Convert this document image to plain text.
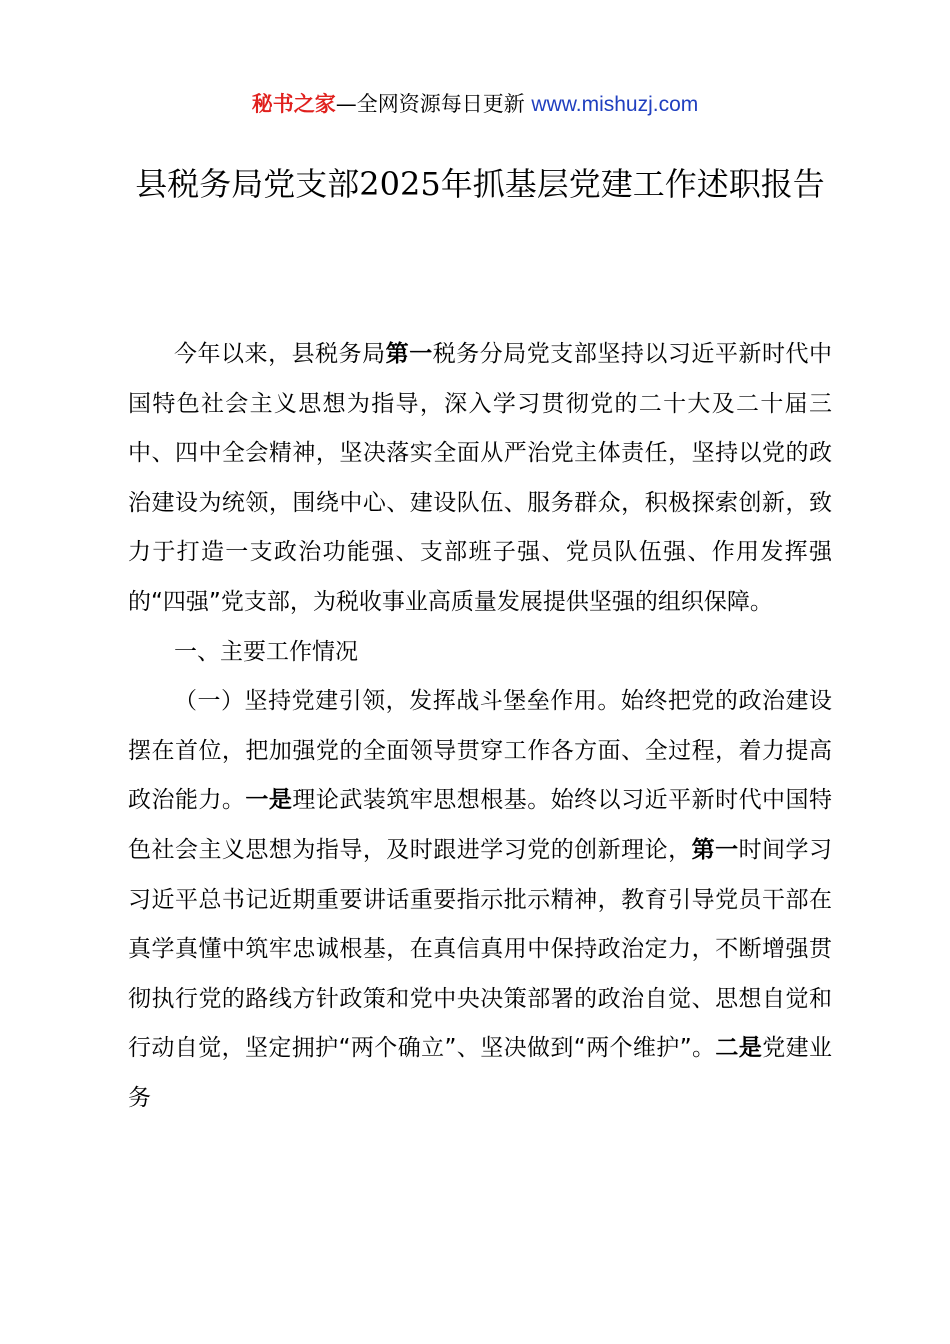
秘书之家—全网资源每日更新 www.mishuzj.com
县税务局党支部2025年抓基层党建工作述职报告

今年以来，县税务局第一税务分局党支部坚持以习近平新时代中国特色社会主义思想为指导，深入学习贯彻党的二十大及二十届三中、四中全会精神，坚决落实全面从严治党主体责任，坚持以党的政治建设为统领，围绕中心、建设队伍、服务群众，积极探索创新，致力于打造一支政治功能强、支部班子强、党员队伍强、作用发挥强的“四强”党支部，为税收事业高质量发展提供坚强的组织保障。

一、主要工作情况

（一）坚持党建引领，发挥战斗堡垒作用。始终把党的政治建设摆在首位，把加强党的全面领导贯穿工作各方面、全过程，着力提高政治能力。一是理论武装筑牢思想根基。始终以习近平新时代中国特色社会主义思想为指导，及时跟进学习党的创新理论，第一时间学习习近平总书记近期重要讲话重要指示批示精神，教育引导党员干部在真学真懂中筑牢忠诚根基，在真信真用中保持政治定力，不断增强贯彻执行党的路线方针政策和党中央决策部署的政治自觉、思想自觉和行动自觉，坚定拥护“两个确立”、坚决做到“两个维护”。二是党建业务
